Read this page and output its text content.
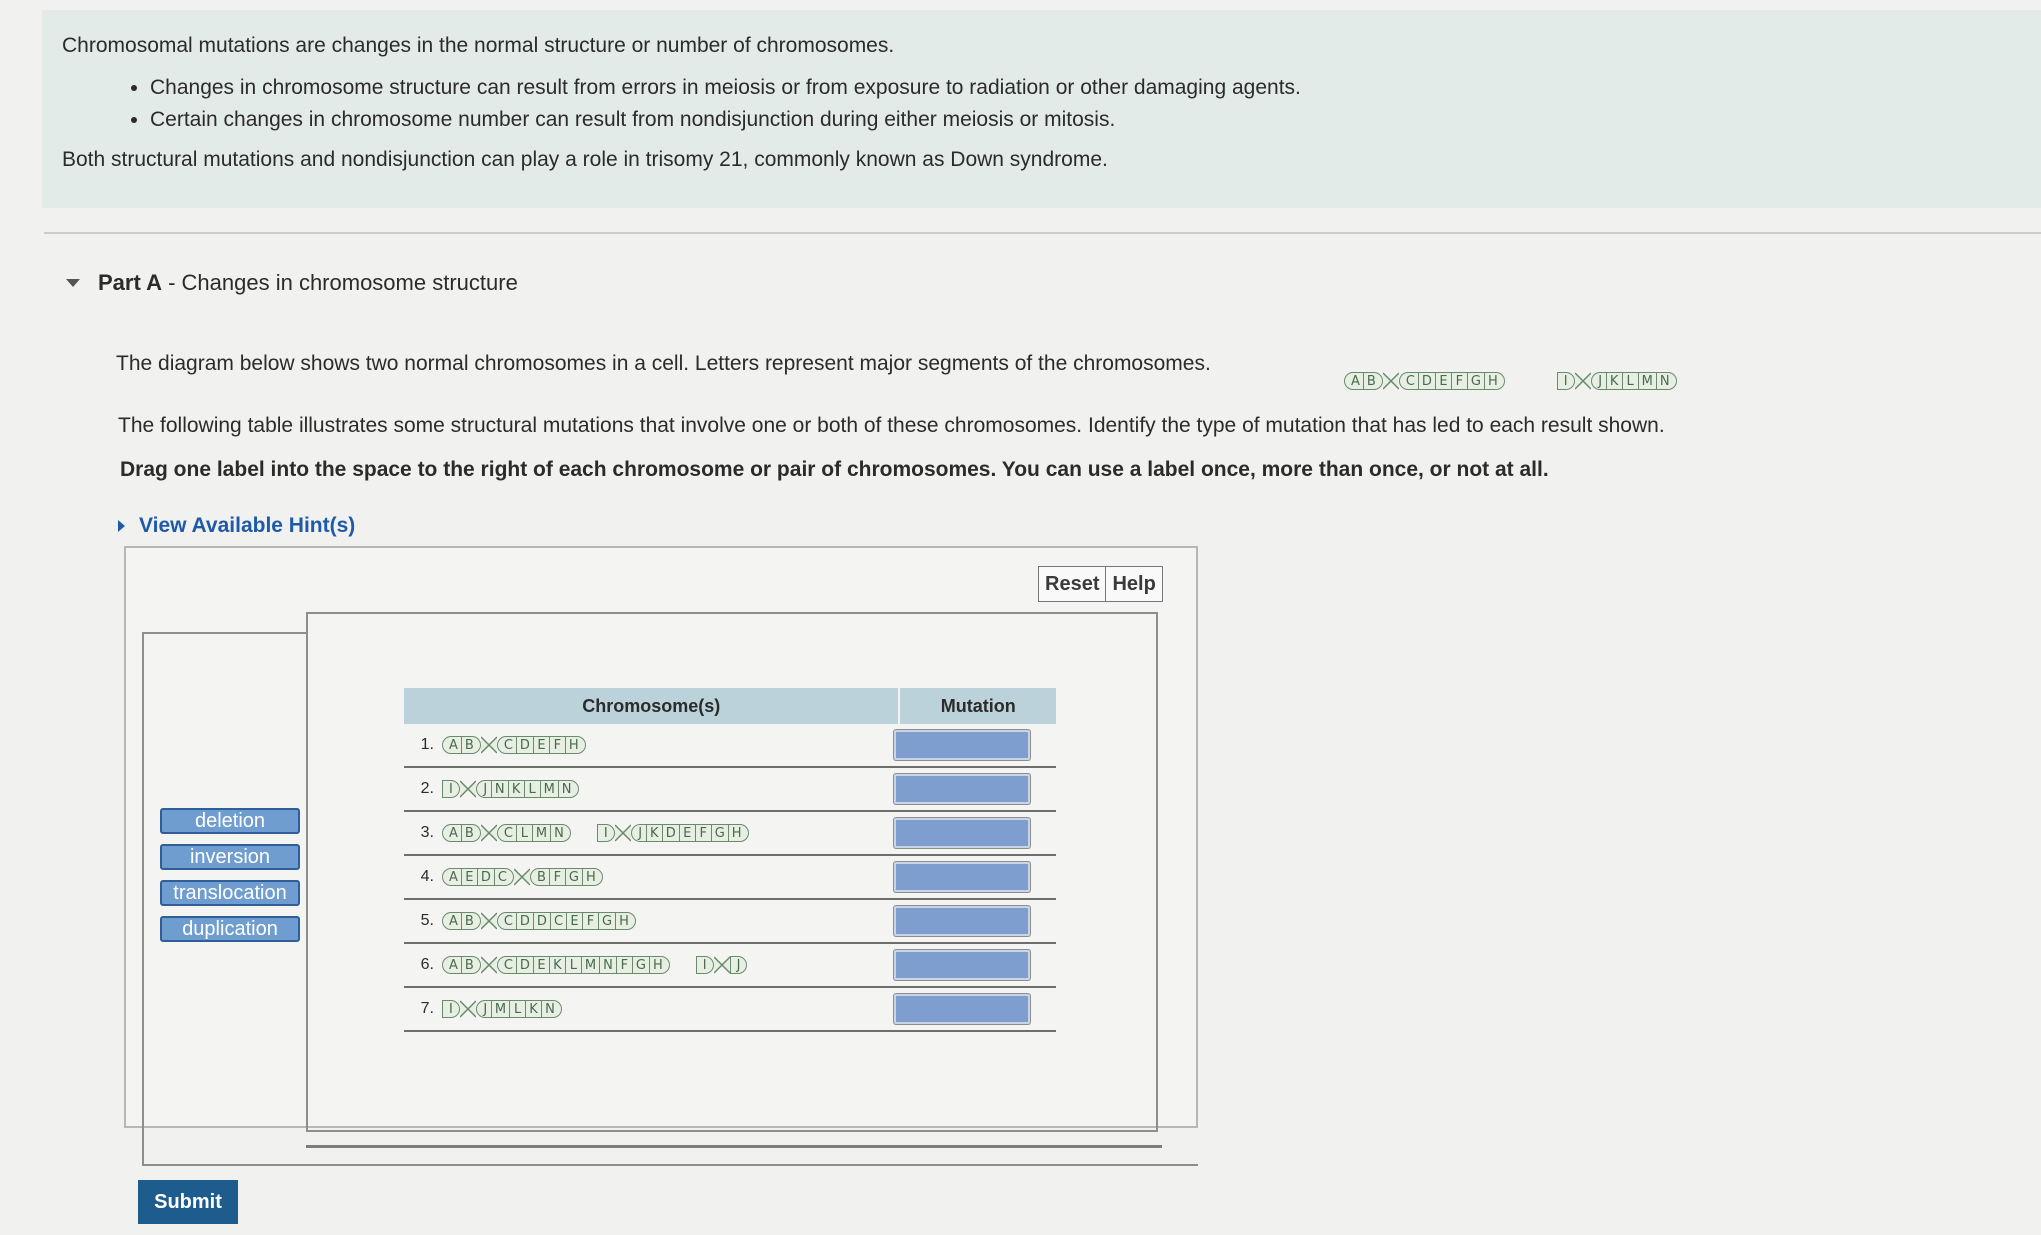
Chromosomal mutations are changes in the normal structure or number of chromosomes.

• Changes in chromosome structure can result from errors in meiosis or from exposure to radiation or other damaging agents.
• Certain changes in chromosome number can result from nondisjunction during either meiosis or mitosis.

Both structural mutations and nondisjunction can play a role in trisomy 21, commonly known as Down syndrome.

Part A - Changes in chromosome structure
The diagram below shows two normal chromosomes in a cell. Letters represent major segments of the chromosomes.
A B	C D E F G H	I	J K L M N
The following table illustrates some structural mutations that involve one or both of these chromosomes. Identify the type of mutation that has led to each result shown.
Drag one label into the space to the right of each chromosome or pair of chromosomes. You can use a label once, more than once, or not at all.
View Available Hint(s)
Reset Help
deletion
inversion
translocation
duplication
Chromosome(s)	Mutation
1.	A B	C D E F H
2.	I	J N K L M N
3.	A B	C L M N	I	J K D E F G H
4.	A E D C	B F G H
5.	A B	C D D C E F G H
6.	A B	C D E K L M N F G H	I	J
7.	I	J M L K N
Submit
